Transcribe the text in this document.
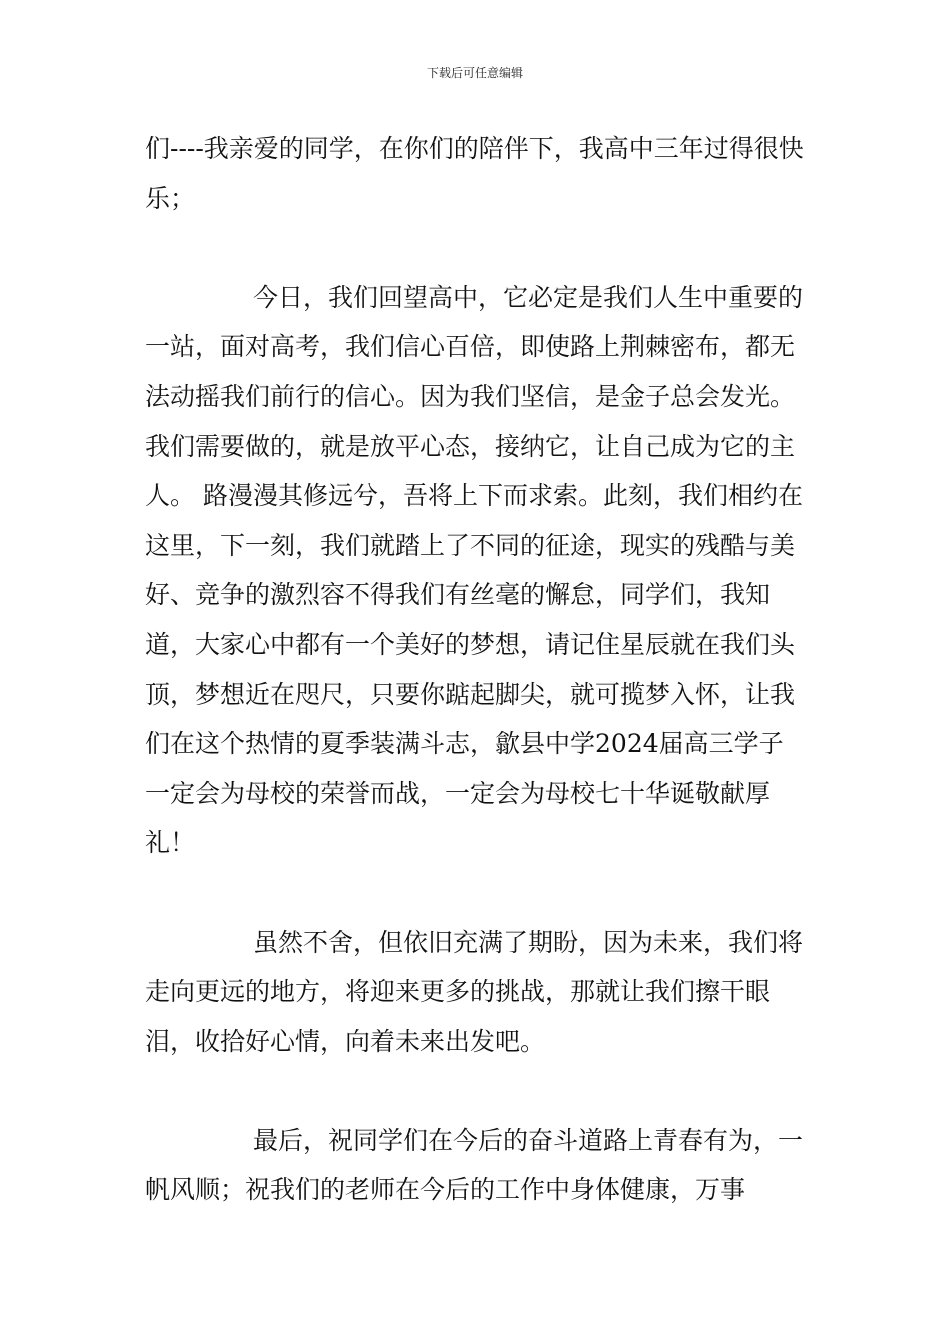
下载后可任意编辑

们----我亲爱的同学，在你们的陪伴下，我高中三年过得很快乐；

今日，我们回望高中，它必定是我们人生中重要的一站，面对高考，我们信心百倍，即使路上荆棘密布，都无法动摇我们前行的信心。因为我们坚信，是金子总会发光。我们需要做的，就是放平心态，接纳它，让自己成为它的主人。 路漫漫其修远兮，吾将上下而求索。此刻，我们相约在这里，下一刻，我们就踏上了不同的征途，现实的残酷与美好、竞争的激烈容不得我们有丝毫的懈怠，同学们，我知道，大家心中都有一个美好的梦想，请记住星辰就在我们头顶，梦想近在咫尺，只要你踮起脚尖，就可揽梦入怀，让我们在这个热情的夏季装满斗志，歙县中学2024届高三学子一定会为母校的荣誉而战，一定会为母校七十华诞敬献厚礼！

虽然不舍，但依旧充满了期盼，因为未来，我们将走向更远的地方，将迎来更多的挑战，那就让我们擦干眼泪，收拾好心情，向着未来出发吧。

最后，祝同学们在今后的奋斗道路上青春有为，一帆风顺；祝我们的老师在今后的工作中身体健康，万事
